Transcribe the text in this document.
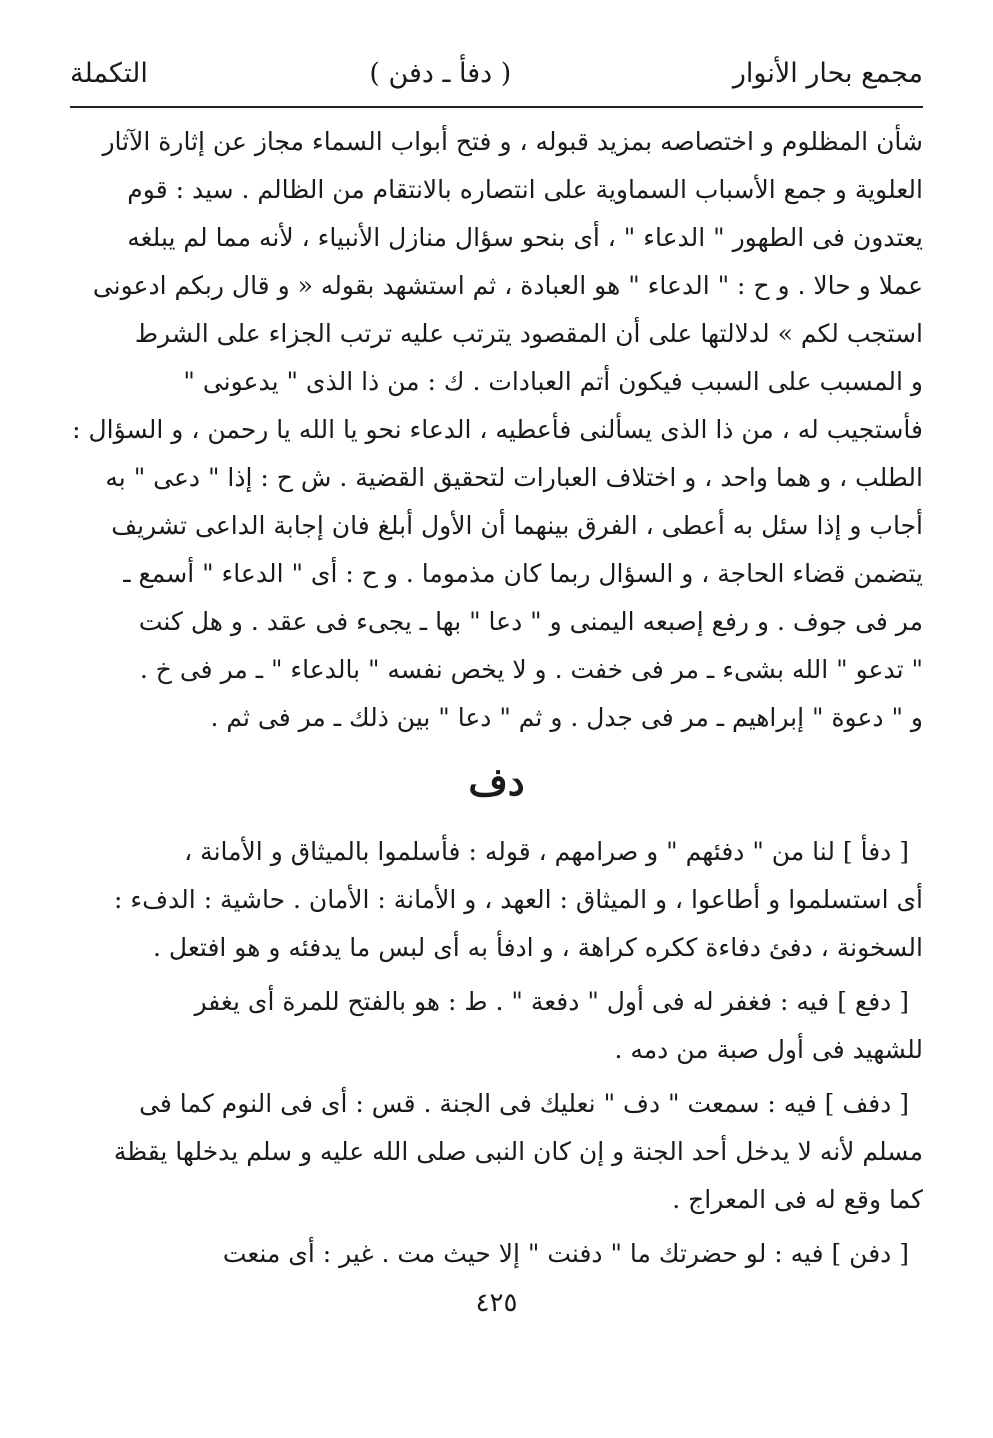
مجمع بحار الأنوار
( دفأ ـ دفن )
التكملة
شأن المظلوم و اختصاصه بمزيد قبوله ، و فتح أبواب السماء مجاز عن إثارة الآثار
العلوية و جمع الأسباب السماوية على انتصاره بالانتقام من الظالم . سيد : قوم
يعتدون فى الطهور " الدعاء " ، أى بنحو سؤال منازل الأنبياء ، لأنه مما لم يبلغه
عملا و حالا . و ح : " الدعاء " هو العبادة ، ثم استشهد بقوله « و قال ربكم ادعونى
استجب لكم » لدلالتها على أن المقصود يترتب عليه ترتب الجزاء على الشرط
و المسبب على السبب فيكون أتم العبادات . ك : من ذا الذى " يدعونى "
فأستجيب له ، من ذا الذى يسألنى فأعطيه ، الدعاء نحو يا الله يا رحمن ، و السؤال :
الطلب ، و هما واحد ، و اختلاف العبارات لتحقيق القضية . ش ح : إذا " دعى " به
أجاب و إذا سئل به أعطى ، الفرق بينهما أن الأول أبلغ فان إجابة الداعى تشريف
يتضمن قضاء الحاجة ، و السؤال ربما كان مذموما . و ح : أى " الدعاء " أسمع ـ
مر فى جوف . و رفع إصبعه اليمنى و " دعا " بها ـ يجىء فى عقد . و هل كنت
" تدعو " الله بشىء ـ مر فى خفت . و لا يخص نفسه " بالدعاء " ـ مر فى خ .
و " دعوة " إبراهيم ـ مر فى جدل . و ثم " دعا " بين ذلك ـ مر فى ثم .
دف
[ دفأ ] لنا من " دفئهم " و صرامهم ، قوله : فأسلموا بالميثاق و الأمانة ،
أى استسلموا و أطاعوا ، و الميثاق : العهد ، و الأمانة : الأمان . حاشية : الدفء :
السخونة ، دفئ دفاءة ككره كراهة ، و ادفأ به أى لبس ما يدفئه و هو افتعل .
[ دفع ] فيه : فغفر له فى أول " دفعة " . ط : هو بالفتح للمرة أى يغفر
للشهيد فى أول صبة من دمه .
[ دفف ] فيه : سمعت " دف " نعليك فى الجنة . قس : أى فى النوم كما فى
مسلم لأنه لا يدخل أحد الجنة و إن كان النبى صلى الله عليه و سلم يدخلها يقظة
كما وقع له فى المعراج .
[ دفن ] فيه : لو حضرتك ما " دفنت " إلا حيث مت . غير : أى منعت
٤٢٥
